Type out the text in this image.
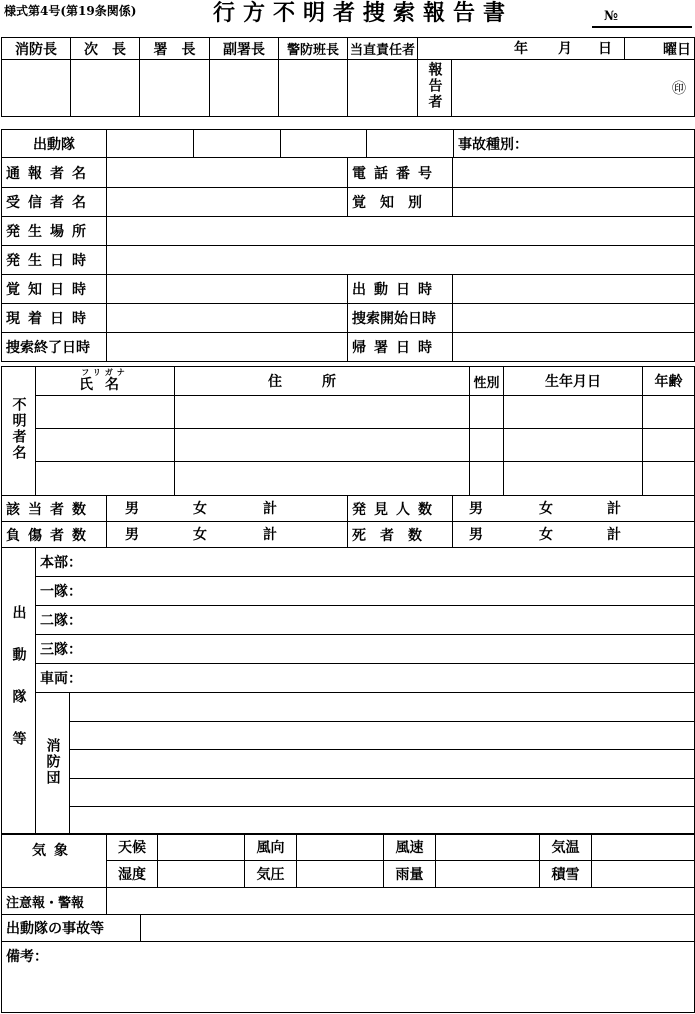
様式第4号(第19条関係)	行方不明者捜索報告書	№
消防長	次　長	署　長	副署長	警防班長	当直責任者	年 月 日		曜日
						報告者	㊞	
出動隊					事故種別：
通報者名		電話番号	
受信者名		覚知別	
発生場所			
発生日時			
覚知日時		出動日時	
現着日時		捜索開始日時	
捜索終了日時		帰署日時	
不明者名	フリガナ
氏名	住所	性別	生年月日	年齢

該当者数	男 女 計	発見人数	男 女 計

負傷者数	男 女 計	死者数	男 女 計
出動隊等	本部：	
	一隊：	
	二隊：	
	三隊：	
	車両：	
	消防団	

気象	天候		風向		風速		気温	
	湿度		気圧		雨量		積雪	
注意報・警報	
出動隊の事故等	
備考：
